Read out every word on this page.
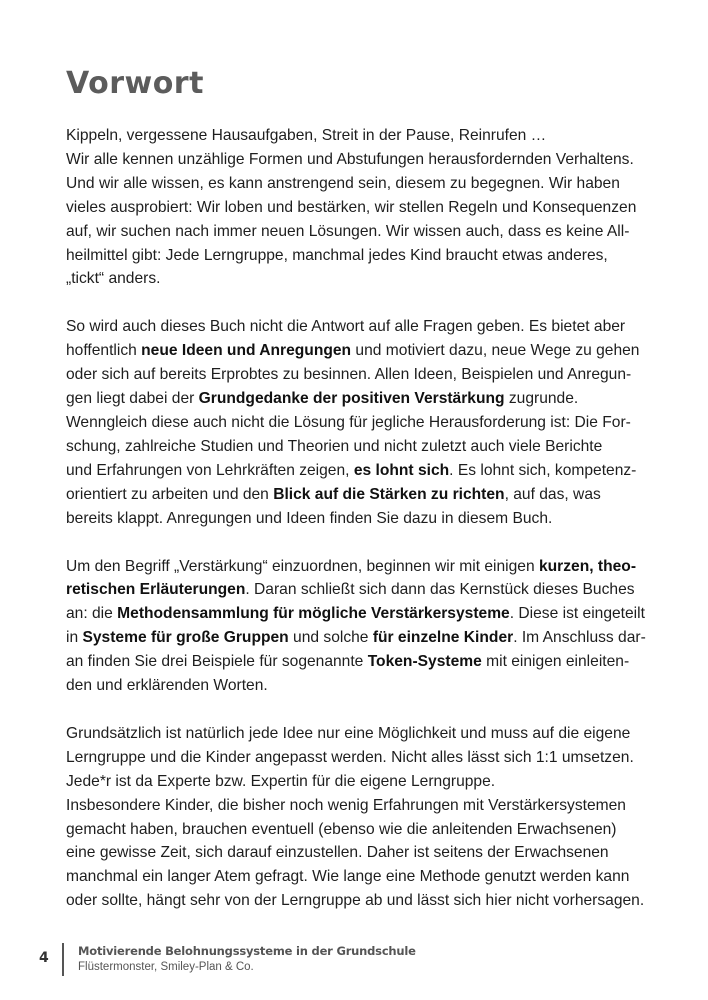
Vorwort

Kippeln, vergessene Hausaufgaben, Streit in der Pause, Reinrufen …
Wir alle kennen unzählige Formen und Abstufungen herausfordernden Verhaltens.
Und wir alle wissen, es kann anstrengend sein, diesem zu begegnen. Wir haben
vieles ausprobiert: Wir loben und bestärken, wir stellen Regeln und Konsequenzen
auf, wir suchen nach immer neuen Lösungen. Wir wissen auch, dass es keine All-
heilmittel gibt: Jede Lerngruppe, manchmal jedes Kind braucht etwas anderes,
„tickt“ anders.

So wird auch dieses Buch nicht die Antwort auf alle Fragen geben. Es bietet aber
hoffentlich neue Ideen und Anregungen und motiviert dazu, neue Wege zu gehen
oder sich auf bereits Erprobtes zu besinnen. Allen Ideen, Beispielen und Anregun-
gen liegt dabei der Grundgedanke der positiven Verstärkung zugrunde.
Wenngleich diese auch nicht die Lösung für jegliche Herausforderung ist: Die For-
schung, zahlreiche Studien und Theorien und nicht zuletzt auch viele Berichte
und Erfahrungen von Lehrkräften zeigen, es lohnt sich. Es lohnt sich, kompetenz-
orientiert zu arbeiten und den Blick auf die Stärken zu richten, auf das, was
bereits klappt. Anregungen und Ideen finden Sie dazu in diesem Buch.

Um den Begriff „Verstärkung“ einzuordnen, beginnen wir mit einigen kurzen, theo-
retischen Erläuterungen. Daran schließt sich dann das Kernstück dieses Buches
an: die Methodensammlung für mögliche Verstärkersysteme. Diese ist eingeteilt
in Systeme für große Gruppen und solche für einzelne Kinder. Im Anschluss dar-
an finden Sie drei Beispiele für sogenannte Token-Systeme mit einigen einleiten-
den und erklärenden Worten.

Grundsätzlich ist natürlich jede Idee nur eine Möglichkeit und muss auf die eigene
Lerngruppe und die Kinder angepasst werden. Nicht alles lässt sich 1:1 umsetzen.
Jede*r ist da Experte bzw. Expertin für die eigene Lerngruppe.
Insbesondere Kinder, die bisher noch wenig Erfahrungen mit Verstärkersystemen
gemacht haben, brauchen eventuell (ebenso wie die anleitenden Erwachsenen)
eine gewisse Zeit, sich darauf einzustellen. Daher ist seitens der Erwachsenen
manchmal ein langer Atem gefragt. Wie lange eine Methode genutzt werden kann
oder sollte, hängt sehr von der Lerngruppe ab und lässt sich hier nicht vorhersagen.

4	Motivierende Belohnungssysteme in der Grundschule
Flüstermonster, Smiley-Plan & Co.
